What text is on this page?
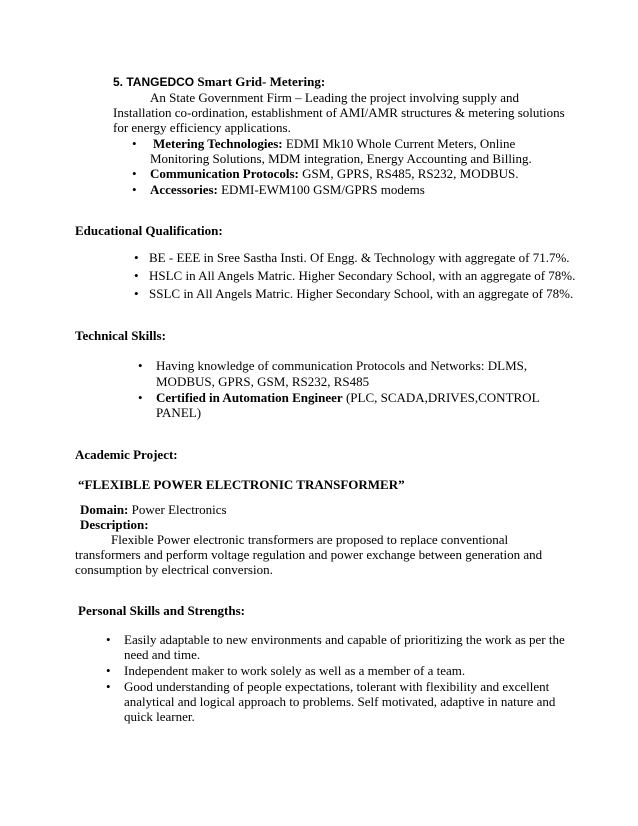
5. TANGEDCO Smart Grid- Metering:
An State Government Firm – Leading the project involving supply and
Installation co-ordination, establishment of AMI/AMR structures & metering solutions
for energy efficiency applications.
• Metering Technologies: EDMI Mk10 Whole Current Meters, Online
Monitoring Solutions, MDM integration, Energy Accounting and Billing.
• Communication Protocols: GSM, GPRS, RS485, RS232, MODBUS.
• Accessories: EDMI-EWM100 GSM/GPRS modems
Educational Qualification:
• BE - EEE in Sree Sastha Insti. Of Engg. & Technology with aggregate of 71.7%.
• HSLC in All Angels Matric. Higher Secondary School, with an aggregate of 78%.
• SSLC in All Angels Matric. Higher Secondary School, with an aggregate of 78%.
Technical Skills:
• Having knowledge of communication Protocols and Networks: DLMS,
MODBUS, GPRS, GSM, RS232, RS485
• Certified in Automation Engineer (PLC, SCADA,DRIVES,CONTROL
PANEL)
Academic Project:
“FLEXIBLE POWER ELECTRONIC TRANSFORMER”
Domain: Power Electronics
Description:
Flexible Power electronic transformers are proposed to replace conventional
transformers and perform voltage regulation and power exchange between generation and
consumption by electrical conversion.
Personal Skills and Strengths:
• Easily adaptable to new environments and capable of prioritizing the work as per the
need and time.
• Independent maker to work solely as well as a member of a team.
• Good understanding of people expectations, tolerant with flexibility and excellent
analytical and logical approach to problems. Self motivated, adaptive in nature and
quick learner.
